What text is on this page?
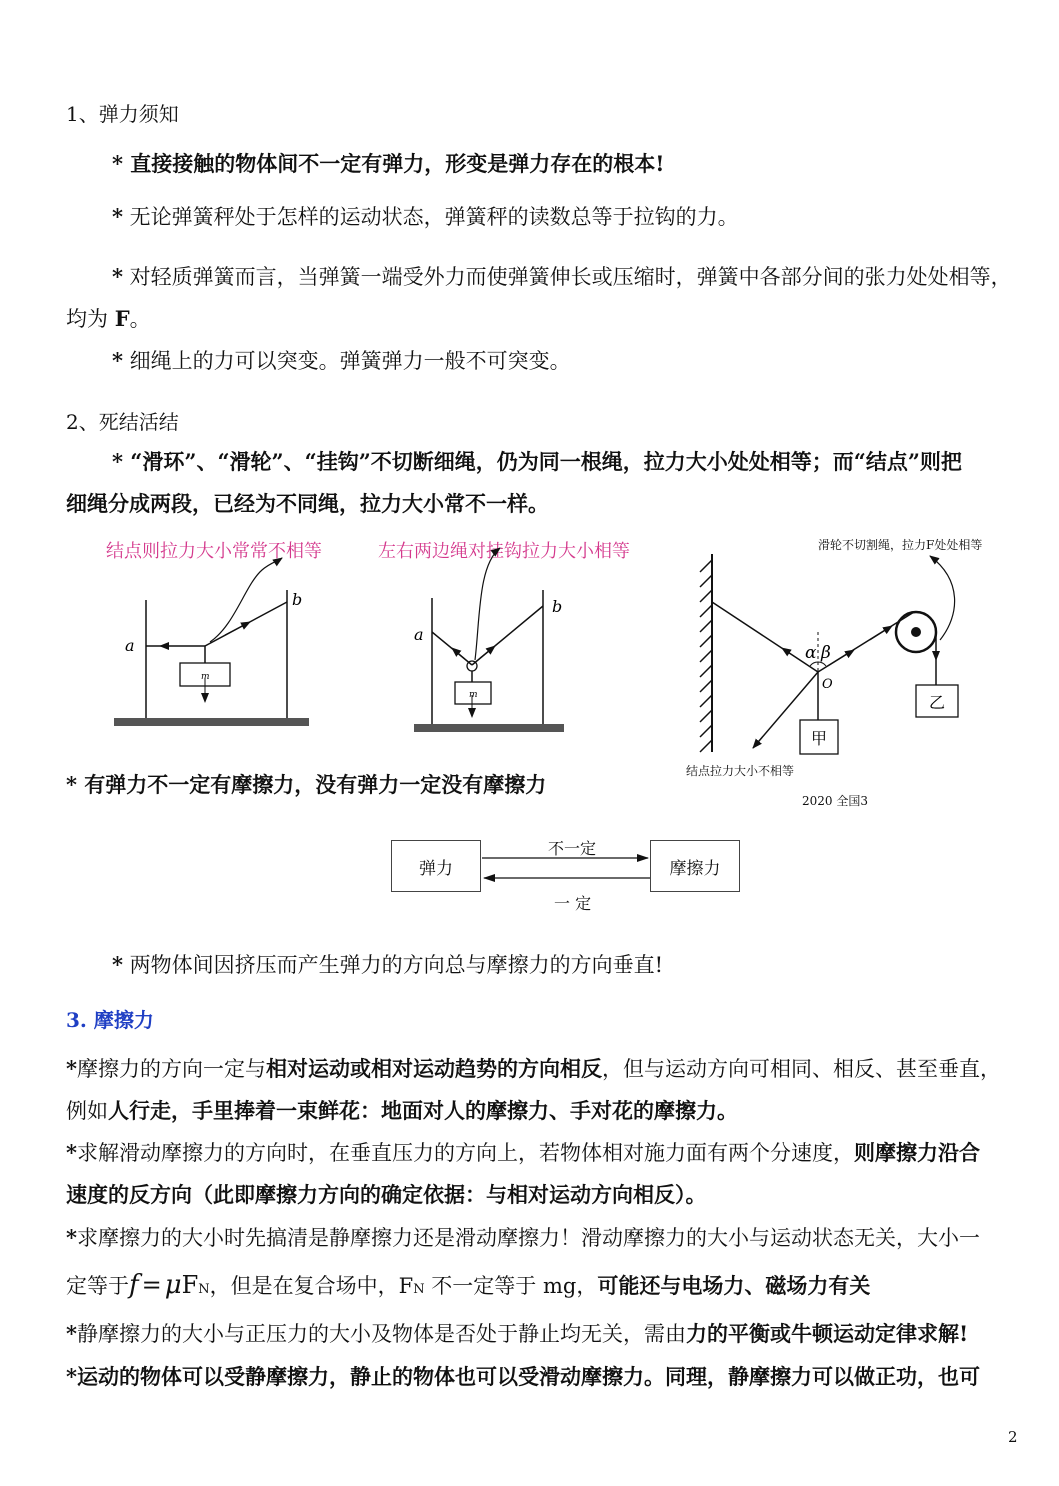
1、弹力须知
* 直接接触的物体间不一定有弹力，形变是弹力存在的根本!
* 无论弹簧秤处于怎样的运动状态，弹簧秤的读数总等于拉钩的力。
* 对轻质弹簧而言，当弹簧一端受外力而使弹簧伸长或压缩时，弹簧中各部分间的张力处处相等，
均为 F。
* 细绳上的力可以突变。弹簧弹力一般不可突变。
2、死结活结
* “滑环”、“滑轮”、“挂钩”不切断细绳，仍为同一根绳，拉力大小处处相等；而“结点”则把
细绳分成两段，已经为不同绳，拉力大小常不一样。
结点则拉力大小常常不相等	左右两边绳对挂钩拉力大小相等
a
b
m
a
b
m
α β
O
甲
乙
滑轮不切割绳，拉力F处处相等
结点拉力大小不相等
2020 全国3
* 有弹力不一定有摩擦力，没有弹力一定没有摩擦力
弹力	摩擦力
不一定
一 定
* 两物体间因挤压而产生弹力的方向总与摩擦力的方向垂直!
3. 摩擦力
*摩擦力的方向一定与相对运动或相对运动趋势的方向相反，但与运动方向可相同、相反、甚至垂直，
例如人行走，手里捧着一束鲜花：地面对人的摩擦力、手对花的摩擦力。
*求解滑动摩擦力的方向时，在垂直压力的方向上，若物体相对施力面有两个分速度，则摩擦力沿合
速度的反方向（此即摩擦力方向的确定依据：与相对运动方向相反）。
*求摩擦力的大小时先搞清是静摩擦力还是滑动摩擦力！滑动摩擦力的大小与运动状态无关，大小一
定等于f = μFN，但是在复合场中，FN 不一定等于 mg，可能还与电场力、磁场力有关
*静摩擦力的大小与正压力的大小及物体是否处于静止均无关，需由力的平衡或牛顿运动定律求解!
*运动的物体可以受静摩擦力，静止的物体也可以受滑动摩擦力。同理，静摩擦力可以做正功，也可
2
